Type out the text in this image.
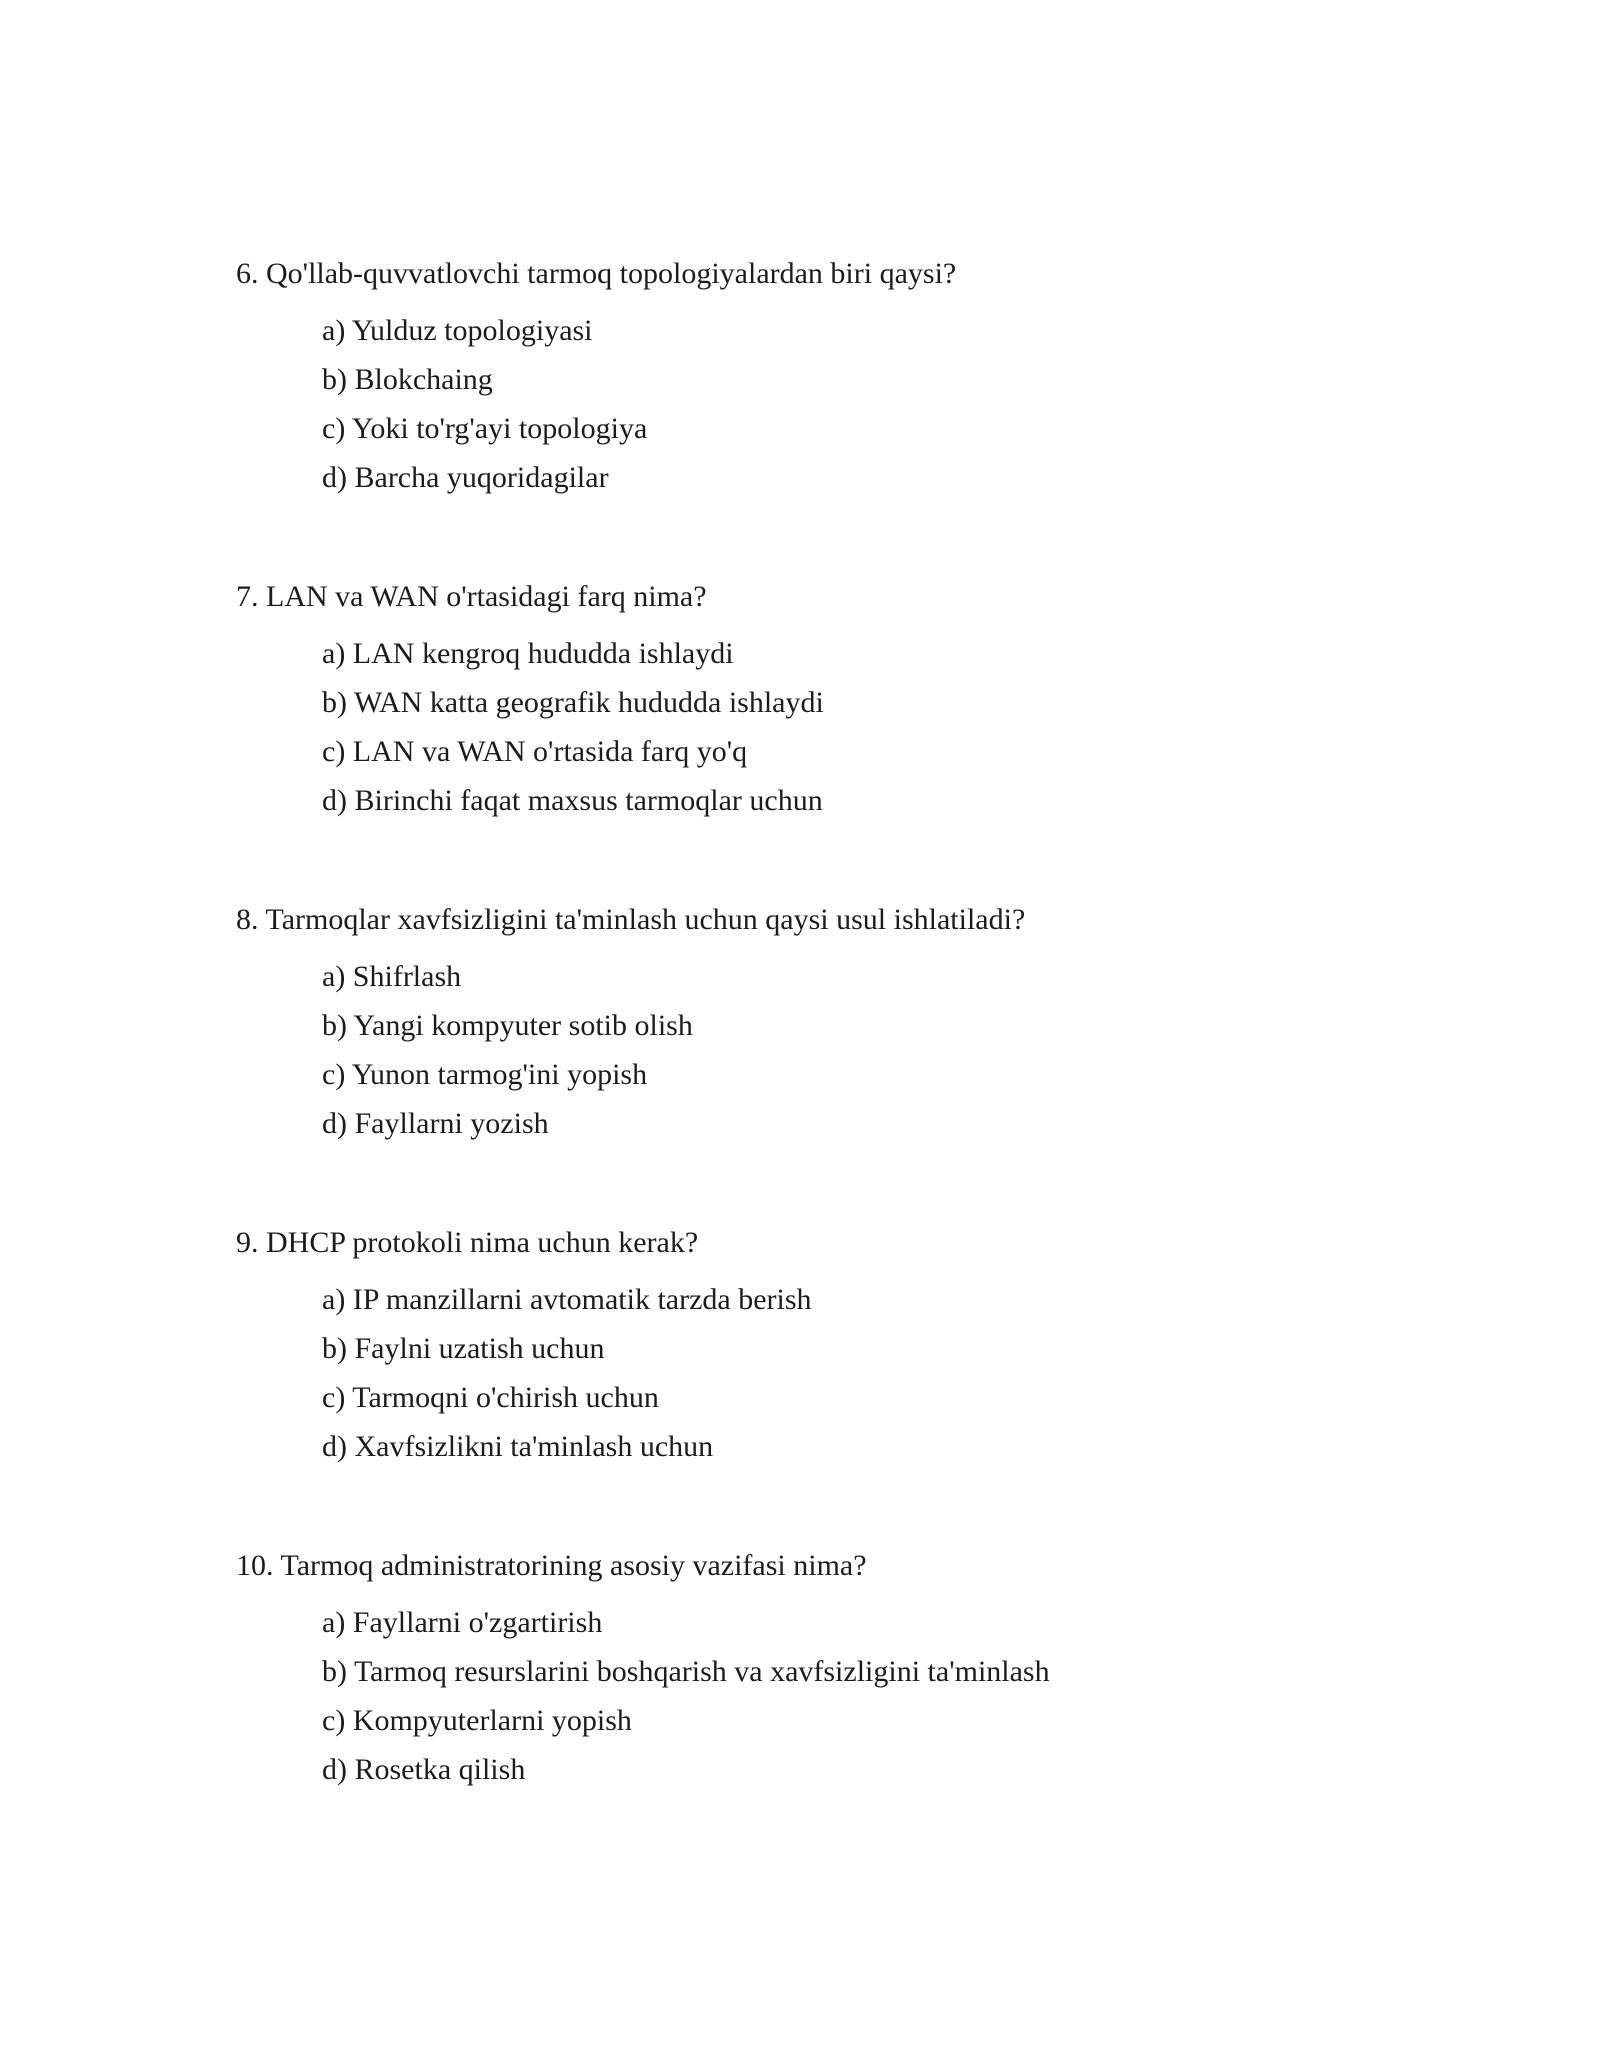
6. Qo'llab-quvvatlovchi tarmoq topologiyalardan biri qaysi?

a) Yulduz topologiyasi
b) Blokchaing
c) Yoki to'rg'ayi topologiya
d) Barcha yuqoridagilar

7. LAN va WAN o'rtasidagi farq nima?

a) LAN kengroq hududda ishlaydi
b) WAN katta geografik hududda ishlaydi
c) LAN va WAN o'rtasida farq yo'q
d) Birinchi faqat maxsus tarmoqlar uchun

8. Tarmoqlar xavfsizligini ta'minlash uchun qaysi usul ishlatiladi?

a) Shifrlash
b) Yangi kompyuter sotib olish
c) Yunon tarmog'ini yopish
d) Fayllarni yozish

9. DHCP protokoli nima uchun kerak?

a) IP manzillarni avtomatik tarzda berish
b) Faylni uzatish uchun
c) Tarmoqni o'chirish uchun
d) Xavfsizlikni ta'minlash uchun

10. Tarmoq administratorining asosiy vazifasi nima?

a) Fayllarni o'zgartirish
b) Tarmoq resurslarini boshqarish va xavfsizligini ta'minlash
c) Kompyuterlarni yopish
d) Rosetka qilish
